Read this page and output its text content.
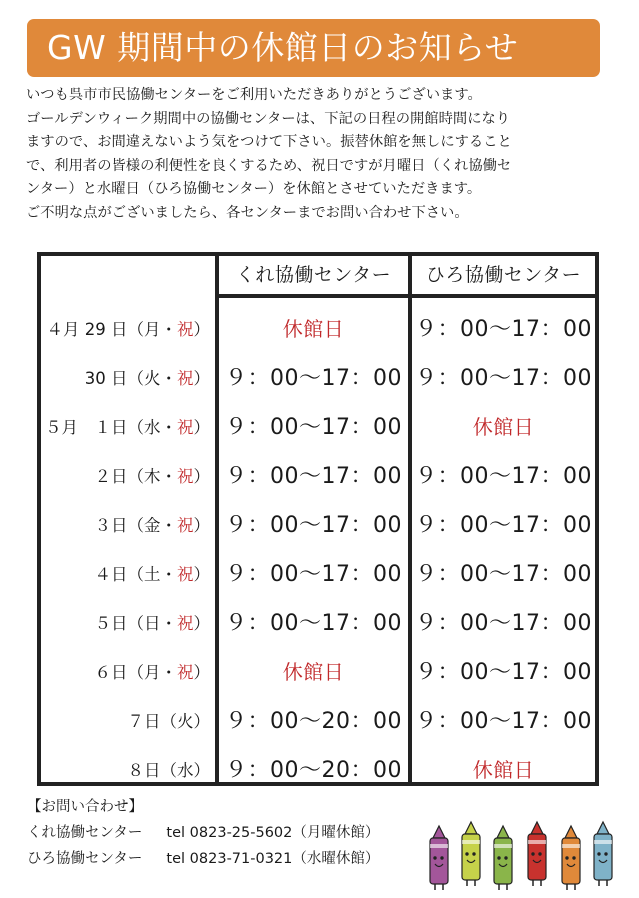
GW 期間中の休館日のお知らせ
いつも呉市市民協働センターをご利用いただきありがとうございます。
ゴールデンウィーク期間中の協働センターは、下記の日程の開館時間になり
ますので、お間違えないよう気をつけて下さい。振替休館を無しにすること
で、利用者の皆様の利便性を良くするため、祝日ですが月曜日（くれ協働セ
ンター）と水曜日（ひろ協働センター）を休館とさせていただきます。
ご不明な点がございましたら、各センターまでお問い合わせ下さい。
くれ協働センター	ひろ協働センター
４月 29 日（月・祝）	休館日	９：00〜17：00
30 日（火・祝） ９：00〜17：00 ９：00〜17：00
５月　１日（水・祝） ９：00〜17：00	休館日
２日（木・祝） ９：00〜17：00 ９：00〜17：00
３日（金・祝） ９：00〜17：00 ９：00〜17：00
４日（土・祝） ９：00〜17：00 ９：00〜17：00
５日（日・祝） ９：00〜17：00 ９：00〜17：00
６日（月・祝）	休館日	９：00〜17：00
７日（火） ９：00〜20：00 ９：00〜17：00
８日（水） ９：00〜20：00	休館日
【お問い合わせ】
くれ協働センター tel 0823-25-5602（月曜休館）
ひろ協働センター tel 0823-71-0321（水曜休館）
